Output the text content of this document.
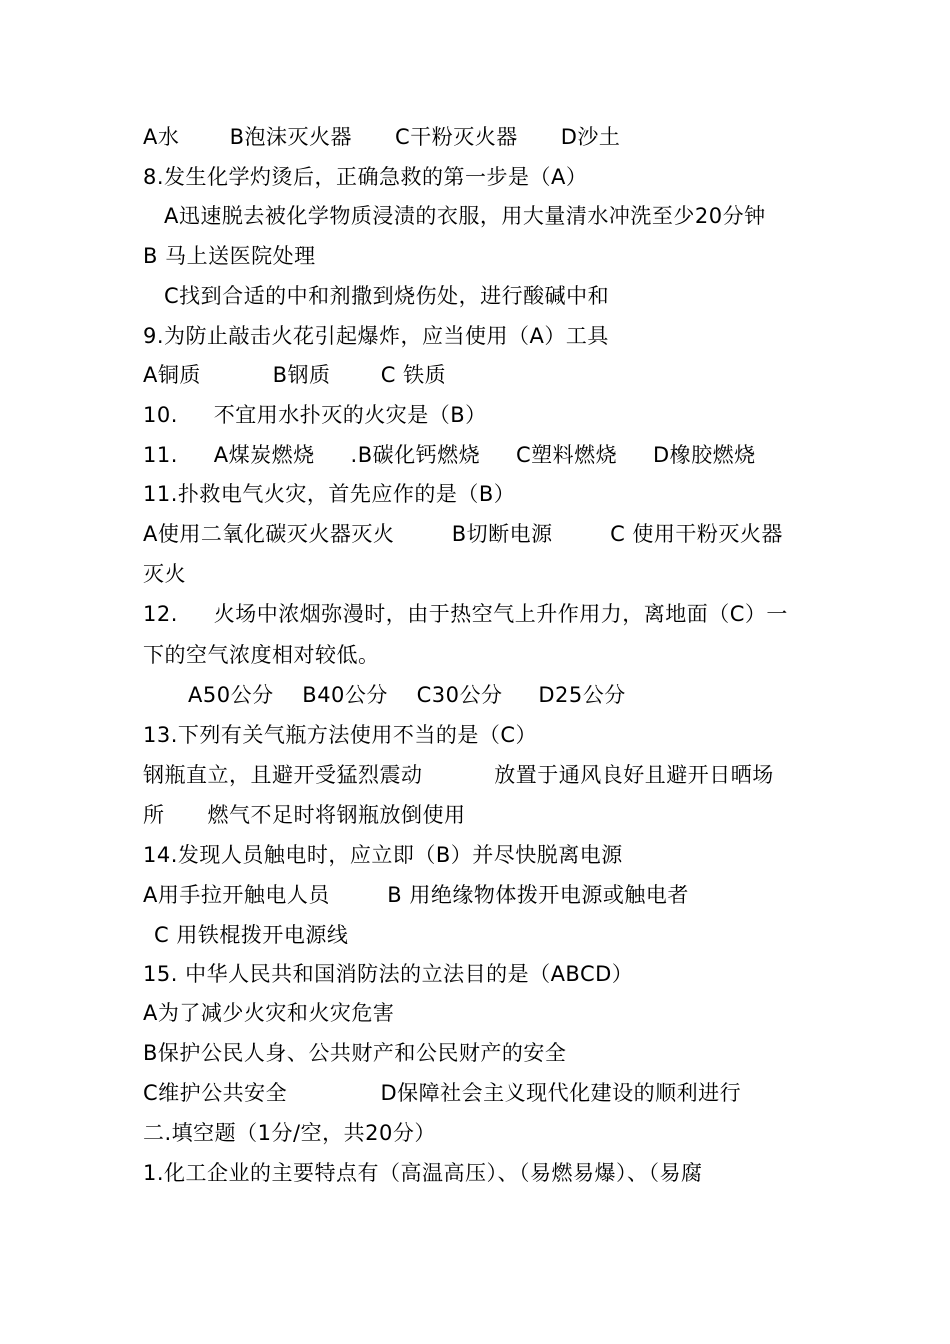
A水       B泡沫灭火器      C干粉灭火器      D沙土
8.发生化学灼烫后，正确急救的第一步是（A）
A迅速脱去被化学物质浸渍的衣服，用大量清水冲洗至少20分钟
B 马上送医院处理
C找到合适的中和剂撒到烧伤处，进行酸碱中和
9.为防止敲击火花引起爆炸，应当使用（A）工具
A铜质          B钢质       C 铁质
10.     不宜用水扑灭的火灾是（B）
11.     A煤炭燃烧     .B碳化钙燃烧     C塑料燃烧     D橡胶燃烧
11.扑救电气火灾，首先应作的是（B）
A使用二氧化碳灭火器灭火        B切断电源        C 使用干粉灭火器
灭火
12.     火场中浓烟弥漫时，由于热空气上升作用力，离地面（C）一
下的空气浓度相对较低。
A50公分    B40公分    C30公分     D25公分
13.下列有关气瓶方法使用不当的是（C）
钢瓶直立，且避开受猛烈震动          放置于通风良好且避开日晒场
所      燃气不足时将钢瓶放倒使用
14.发现人员触电时，应立即（B）并尽快脱离电源
A用手拉开触电人员        B 用绝缘物体拨开电源或触电者
C 用铁棍拨开电源线
15. 中华人民共和国消防法的立法目的是（ABCD）
A为了减少火灾和火灾危害
B保护公民人身、公共财产和公民财产的安全
C维护公共安全             D保障社会主义现代化建设的顺利进行
二.填空题（1分/空，共20分）
1.化工企业的主要特点有（高温高压）、（易燃易爆）、（易腐
